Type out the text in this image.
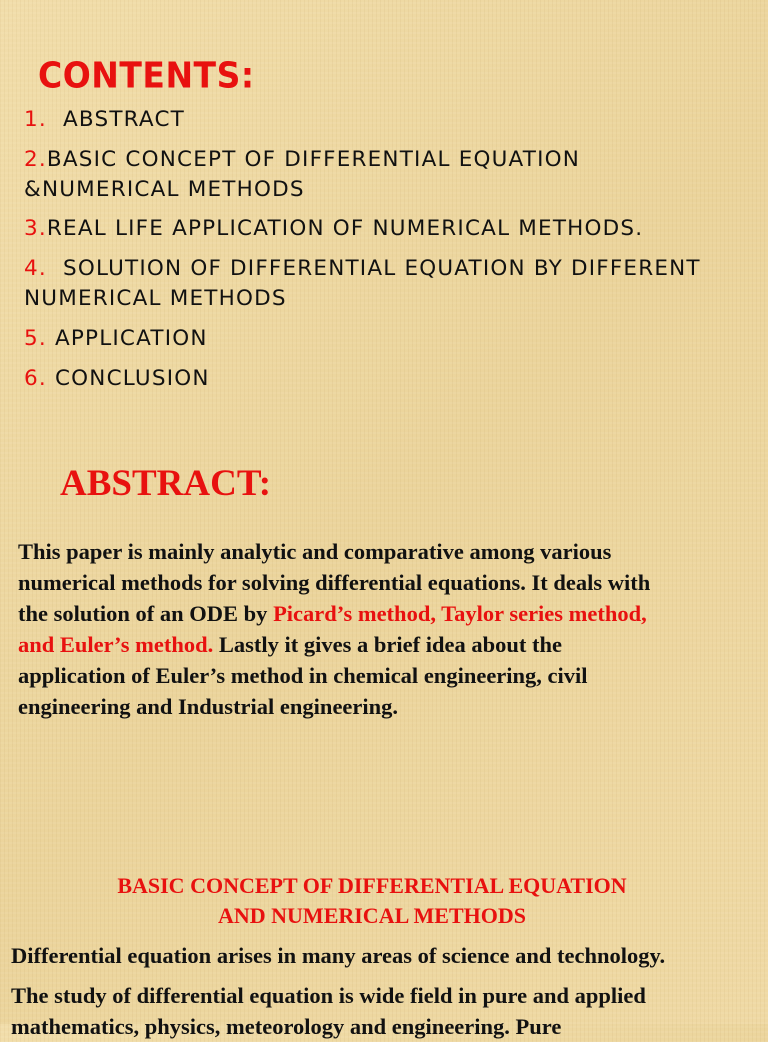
CONTENTS:
1. ABSTRACT
2.BASIC CONCEPT OF DIFFERENTIAL EQUATION
&NUMERICAL METHODS
3.REAL LIFE APPLICATION OF NUMERICAL METHODS.
4. SOLUTION OF DIFFERENTIAL EQUATION BY DIFFERENT
NUMERICAL METHODS
5. APPLICATION
6. CONCLUSION
ABSTRACT:
This paper is mainly analytic and comparative among various
numerical methods for solving differential equations. It deals with
the solution of an ODE by Picard’s method, Taylor series method,
and Euler’s method. Lastly it gives a brief idea about the
application of Euler’s method in chemical engineering, civil
engineering and Industrial engineering.
BASIC CONCEPT OF DIFFERENTIAL EQUATION
AND NUMERICAL METHODS
Differential equation arises in many areas of science and technology.
The study of differential equation is wide field in pure and applied
mathematics, physics, meteorology and engineering. Pure
